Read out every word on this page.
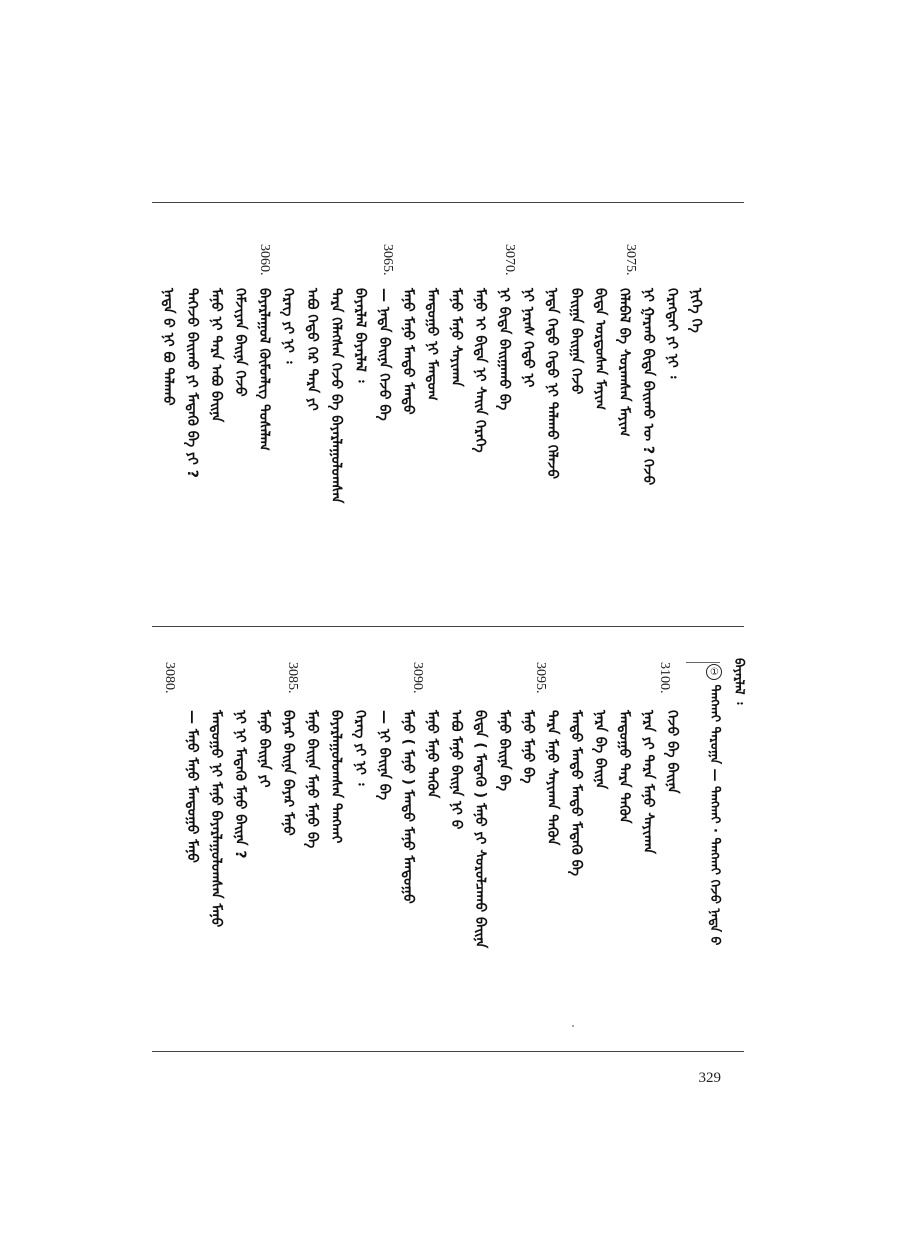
3075.
3070.
3065.
3060.
ᠨᠢᠭᠡ ᠬᠡ
ᠬᠡᠷᠡᠭᠲᠡᠢ ᠶᠢ ᠨᠢ ᠄
ᠨᠢ ᠭᠠᠷᠬᠤ ᠪᠢᠳᠡ ᠪᠠᠢᠬᠤ ᠦ ? ᠭᠡᠵᠦ
ᠬᠡᠯᠡᠪᠡᠯ ᠪᠠ ᠰᠤᠷᠠᠭᠰᠠᠨ ᠮᠠᠶᠢᠭ
ᠪᠢᠳᠡ ᠤᠷᠳᠤᠰᠠᠨ ᠮᠠᠶᠢᠭ
ᠪᠠᠢᠭᠠ ᠪᠠᠢᠭᠠ ᠭᠡᠵᠦ
ᠨᠠᠳᠠ ᠬᠡᠳᠦ ᠬᠡᠳᠦ ᠨᠢ ᠲᠠᠯᠠᠬᠤ ᠬᠡᠯᠡᠵᠦ
ᠨᠢ ᠨᠡᠷᠡᠰ ᠬᠡᠳᠦ ᠨᠢ
ᠨᠢ ᠪᠢᠳᠡ ᠪᠠᠢᠭᠠᠬᠤ ᠪᠠ
ᠮᠠᠨᠤ ᠢ ᠪᠢᠳᠡ ᠨᠢ ᠰᠠᠢᠨ ᠭᠡᠷᠡᠭᠡ
ᠮᠠᠨᠤ ᠮᠠᠨᠤ ᠰᠠᠶᠢᠬᠠᠨ
ᠮᠠᠨᠳᠤᠭᠤ ᠨᠢ ᠮᠠᠨᠳᠤᠭ
ᠮᠠᠨᠤ ᠮᠠᠨᠤ ᠮᠠᠨᠳᠤ ᠮᠠᠨᠳᠤ
— ᠨᠠᠳᠠ ᠪᠠᠢᠨᠠ ᠭᠡᠵᠦ ᠪᠠ
ᠪᠠᠶᠠᠷᠯᠠᠯ ᠪᠠᠶᠠᠷᠯᠠᠯ ᠄
ᠲᠡᠷᠡ ᠬᠡᠯᠡᠭᠰᠡᠨ ᠭᠡᠵᠦ ᠪᠠ ᠪᠠᠶᠠᠷᠯᠠᠭᠤᠯᠤᠭᠰᠠᠨ
ᠠᠪᠤ ᠬᠡᠳᠦ ᠭᠡᠷ ᠲᠡᠷᠡ ᠶᠢ
ᠬᠡᠷᠡᠭ ᠶᠢ ᠨᠢ ᠄
ᠪᠠᠶᠠᠷᠯᠠᠭᠤᠯ ᠬᠦᠮᠦᠨᠯᠢᠭ ᠲᠤᠰᠠᠯᠠᠭ
ᠬᠡᠮᠵᠢᠶᠡᠨ ᠪᠠᠢᠨᠠ ᠭᠡᠵᠦ
ᠮᠠᠨᠤ ᠨᠢ ᠲᠡᠷᠡ ᠠᠪᠤ ᠪᠠᠢᠨᠠ
ᠲᠡᠭᠡᠵᠦ ᠪᠠᠢᠬᠤ ᠶᠢ ᠮᠡᠳᠡᠬᠦ ᠪᠠ ᠶᠢ ?
ᠨᠠᠳᠠ ᠪ ᠨᠢ ᠪᠤ ᠲᠠᠯᠠᠬᠤ
ᠪᠠᠶᠠᠷᠯᠠᠯ ᠄
① ᠲᠠᠩᠬᠠᠢ ᠳᠠᠷᠤᠭᠠ — ᠲᠠᠩᠬᠠᠢ · ᠲᠠᠩᠬᠠᠢ ᠭᠡᠵᠦ ᠨᠠᠳᠠ ᠪ
3100.
3095.
3090.
3085.
3080.
ᠭᠡᠵᠦ ᠪᠠ ᠪᠠᠢᠨᠠ
ᠨᠡᠷᠡ ᠶᠢ ᠲᠡᠷᠡ ᠮᠠᠨᠤ ᠰᠠᠶᠢᠬᠠᠨ
ᠮᠠᠨᠳᠤᠭᠤ ᠲᠡᠷᠡ ᠲᠡᠭᠦᠨ
ᠨᠡᠷᠡ ᠪᠠ ᠪᠠᠢᠨᠠ
ᠮᠠᠨᠳᠤ ᠮᠠᠨᠳᠤ ᠮᠠᠨᠳᠤ ᠮᠡᠳᠡᠬᠦ ᠪᠠ
ᠲᠡᠷᠡ ᠮᠠᠨᠤ ᠰᠠᠶᠢᠬᠠᠨ ᠲᠡᠭᠦᠨ
ᠮᠠᠨᠤ ᠮᠠᠨᠤ ᠪᠠ
ᠮᠠᠨᠤ ᠪᠠᠢᠨᠠ ᠪᠠ
ᠪᠢᠳᠡ ( ᠮᠡᠳᠡᠬᠦ ) ᠮᠠᠨᠤ ᠶᠢ ᠰᠤᠷᠤᠯᠴᠠᠬᠤ ᠪᠠᠢᠨᠠ
ᠠᠪᠤ ᠮᠠᠨᠤ ᠪᠠᠢᠨᠠ ᠨᠢ ᠪ
ᠮᠠᠨᠤ ᠮᠠᠨᠤ ᠲᠡᠭᠦᠨ
ᠮᠠᠨᠤ ( ᠮᠠᠨᠤ ) ᠮᠠᠨᠳᠤ ᠮᠠᠨᠤ ᠮᠠᠨᠳᠤᠭᠤ
— ᠨᠢ ᠪᠠᠢᠨᠠ ᠪᠠ
ᠬᠡᠷᠡᠭ ᠶᠢ ᠨᠢ ᠄
ᠪᠠᠶᠠᠷᠯᠠᠭᠤᠯᠤᠭᠰᠠᠨ ᠲᠠᠩᠬᠠᠢ
ᠮᠠᠨᠤ ᠪᠠᠢᠨᠠ ᠮᠠᠨᠤ ᠮᠠᠨᠤ ᠪᠠ
ᠪᠠᠶᠠᠷ ᠪᠠᠢᠨᠠ ᠪᠠᠶᠠᠷ ᠮᠠᠨᠤ
ᠮᠠᠨᠤ ᠪᠠᠢᠨᠠ ᠶᠢ
ᠨᠢ ᠨᠢ ᠮᠡᠳᠡᠬᠦ ᠮᠠᠨᠤ ᠪᠠᠢᠨᠠ ?
ᠮᠠᠨᠳᠤᠭᠤ ᠨᠢ ᠮᠠᠨᠤ ᠪᠠᠶᠠᠷᠯᠠᠭᠤᠯᠤᠭᠰᠠᠨ ᠮᠠᠨᠤ
— ᠮᠠᠨᠤ ᠮᠠᠨᠤ ᠮᠠᠨᠳᠤᠭᠤ ᠮᠠᠨᠤ
329
